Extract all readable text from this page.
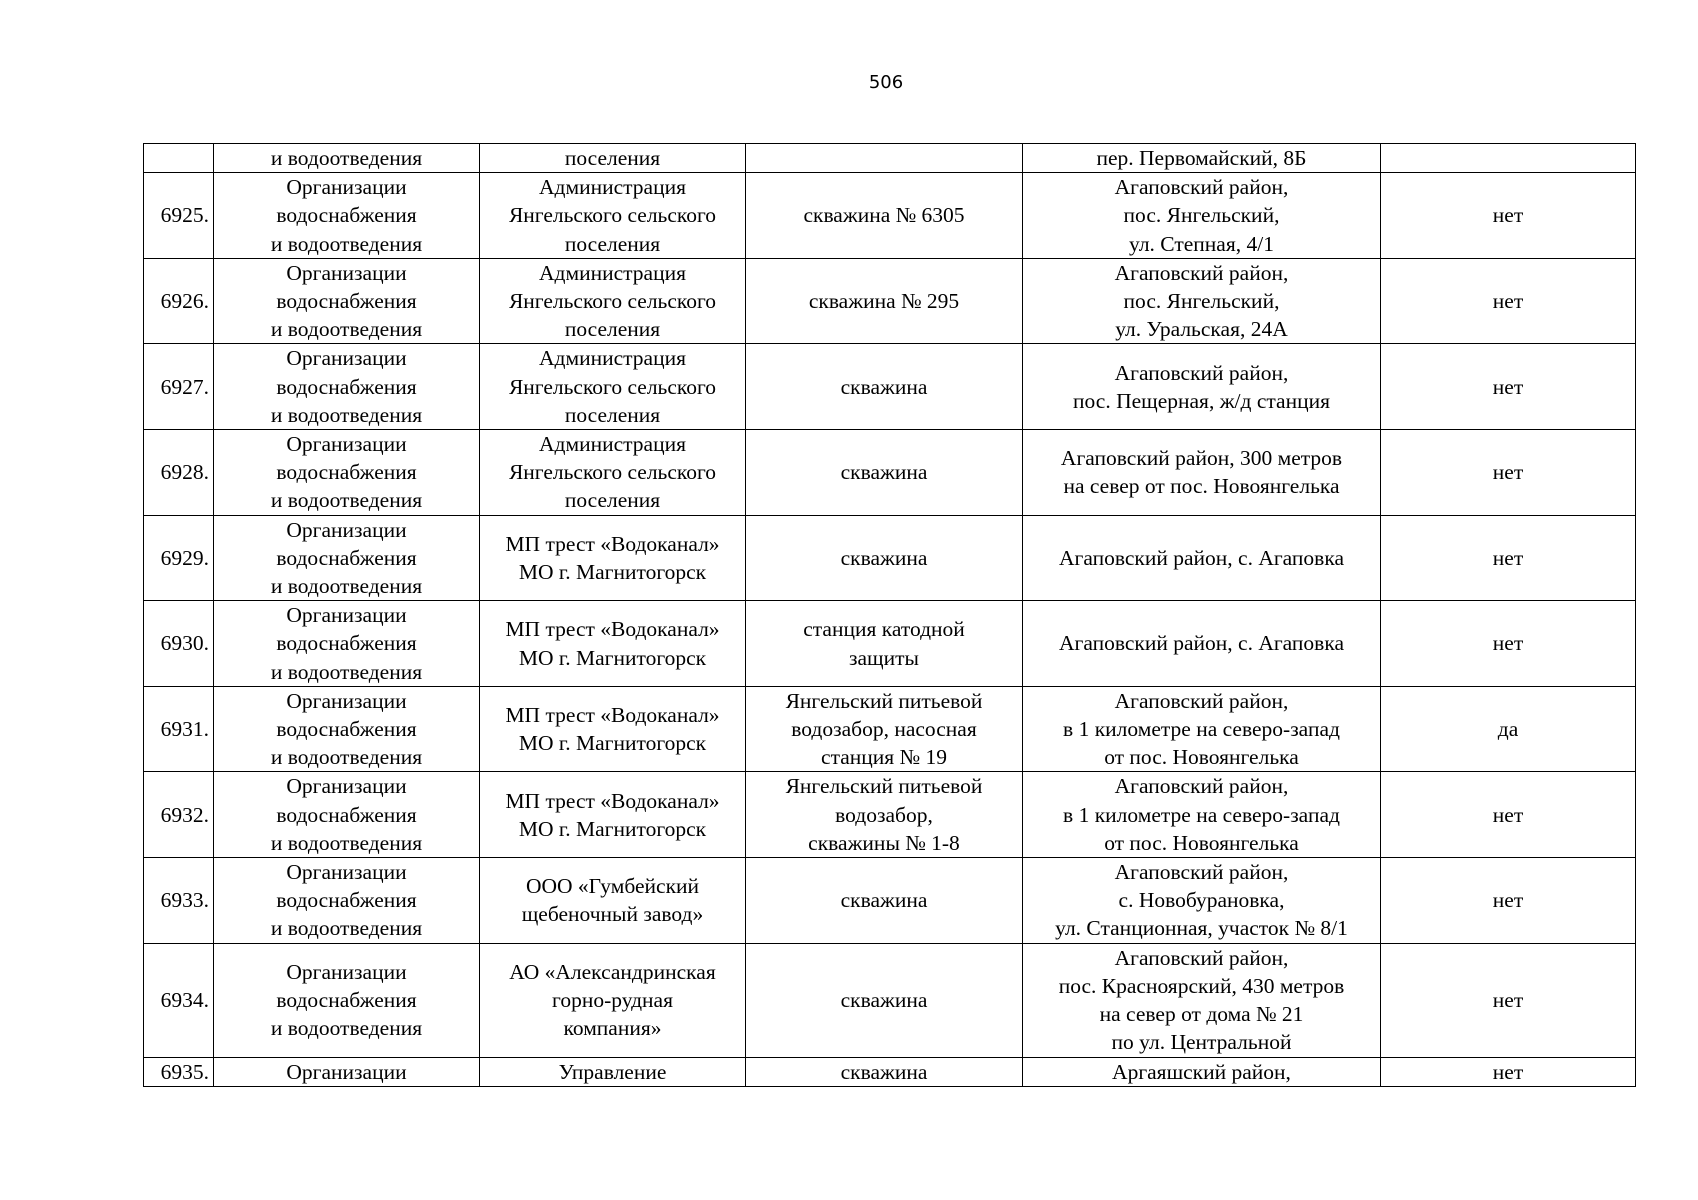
506

	и водоотведения	поселения		пер. Первомайский, 8Б	

6925.	Организации
водоснабжения
и водоотведения	Администрация
Янгельского сельского
поселения	скважина № 6305	Агаповский район,
пос. Янгельский,
ул. Степная, 4/1	нет
6926.	Организации
водоснабжения
и водоотведения	Администрация
Янгельского сельского
поселения	скважина № 295	Агаповский район,
пос. Янгельский,
ул. Уральская, 24А	нет
6927.	Организации
водоснабжения
и водоотведения	Администрация
Янгельского сельского
поселения	скважина	Агаповский район,
пос. Пещерная, ж/д станция	нет
6928.	Организации
водоснабжения
и водоотведения	Администрация
Янгельского сельского
поселения	скважина	Агаповский район, 300 метров
на север от пос. Новоянгелька	нет
6929.	Организации
водоснабжения
и водоотведения	МП трест «Водоканал»
МО г. Магнитогорск	скважина	Агаповский район, с. Агаповка	нет
6930.	Организации
водоснабжения
и водоотведения	МП трест «Водоканал»
МО г. Магнитогорск	станция катодной
защиты	Агаповский район, с. Агаповка	нет
6931.	Организации
водоснабжения
и водоотведения	МП трест «Водоканал»
МО г. Магнитогорск	Янгельский питьевой
водозабор, насосная
станция № 19	Агаповский район,
в 1 километре на северо-запад
от пос. Новоянгелька	да
6932.	Организации
водоснабжения
и водоотведения	МП трест «Водоканал»
МО г. Магнитогорск	Янгельский питьевой
водозабор,
скважины № 1-8	Агаповский район,
в 1 километре на северо-запад
от пос. Новоянгелька	нет
6933.	Организации
водоснабжения
и водоотведения	ООО «Гумбейский
щебеночный завод»	скважина	Агаповский район,
с. Новобурановка,
ул. Станционная, участок № 8/1	нет
6934.	Организации
водоснабжения
и водоотведения	АО «Александринская
горно-рудная
компания»	скважина	Агаповский район,
пос. Красноярский, 430 метров
на север от дома № 21
по ул. Центральной	нет
6935.	Организации	Управление	скважина	Аргаяшский район,	нет
